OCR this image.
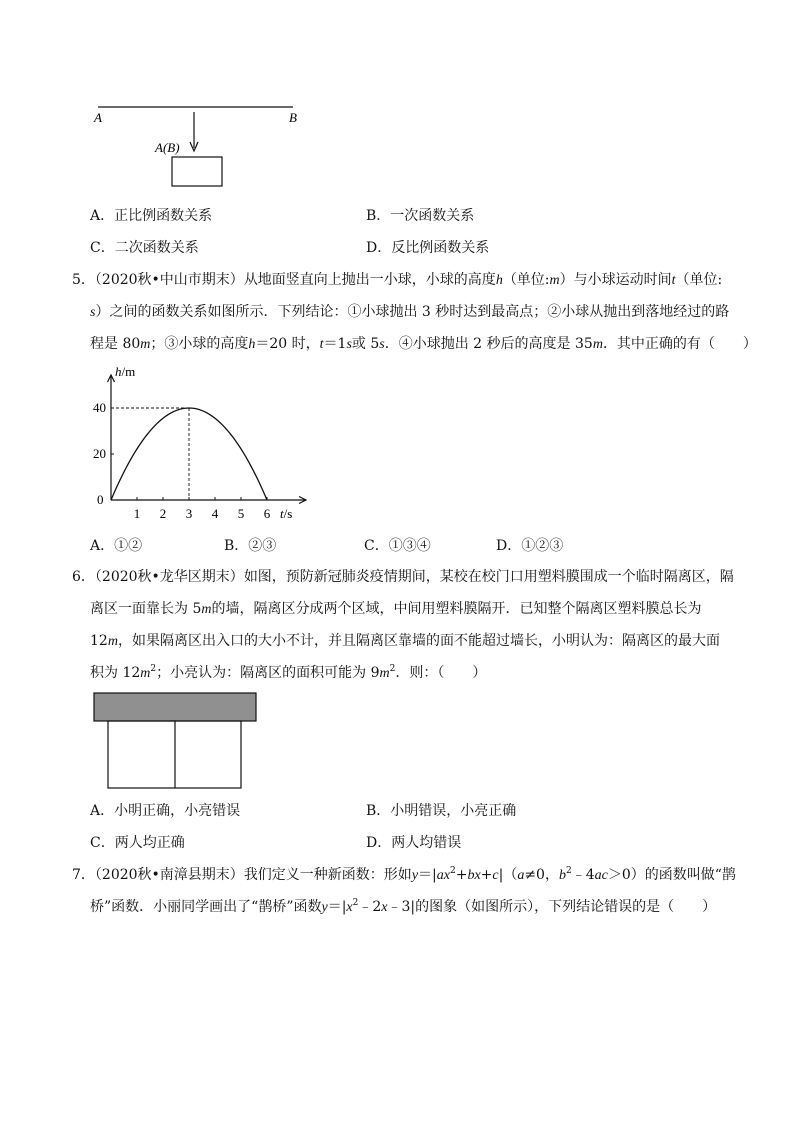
A	B
A(B)
A．正比例函数关系	B．一次函数关系
C．二次函数关系	D．反比例函数关系
5．（2020秋•中山市期末）从地面竖直向上抛出一小球，小球的高度h（单位:m）与小球运动时间t（单位:
s）之间的函数关系如图所示．下列结论：①小球抛出 3 秒时达到最高点；②小球从抛出到落地经过的路
程是 80m；③小球的高度h＝20 时，t＝1s或 5s．④小球抛出 2 秒后的高度是 35m．其中正确的有（　　）
1 2 3 4 5 6
20
40
h/m
t/s
0
A．①②	B．②③	C．①③④	D．①②③
6．（2020秋•龙华区期末）如图，预防新冠肺炎疫情期间，某校在校门口用塑料膜围成一个临时隔离区，隔
离区一面靠长为 5m的墙，隔离区分成两个区域，中间用塑料膜隔开．已知整个隔离区塑料膜总长为
12m，如果隔离区出入口的大小不计，并且隔离区靠墙的面不能超过墙长，小明认为：隔离区的最大面
积为 $12m^2$；小亮认为：隔离区的面积可能为 $9m^2$．则：（　　）
A．小明正确，小亮错误	B．小明错误，小亮正确
C．两人均正确	D．两人均错误
7．（2020秋•南漳县期末）我们定义一种新函数：形如$y=|ax^2+bx+c|(a\ne 0$，$b^2﹣4ac>0$）的函数叫做“鹊
桥”函数．小丽同学画出了“鹊桥”函数$y=|x^2﹣2x﹣3|$的图象（如图所示），下列结论错误的是（　　）
